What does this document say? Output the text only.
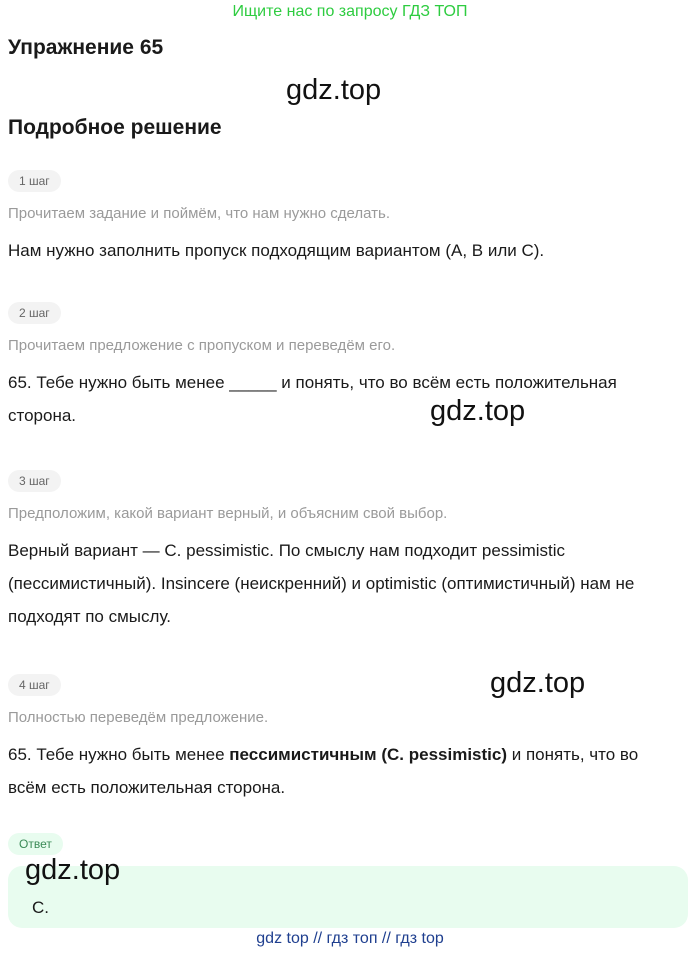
Ищите нас по запросу ГДЗ ТОП
Упражнение 65
gdz.top
Подробное решение
1 шаг
Прочитаем задание и поймём, что нам нужно сделать.
Нам нужно заполнить пропуск подходящим вариантом (A, B или C).
2 шаг
Прочитаем предложение с пропуском и переведём его.
65. Тебе нужно быть менее _____ и понять, что во всём есть положительная сторона.	gdz.top
3 шаг
Предположим, какой вариант верный, и объясним свой выбор.
Верный вариант — C. pessimistic. По смыслу нам подходит pessimistic (пессимистичный). Insincere (неискренний) и optimistic (оптимистичный) нам не подходят по смыслу.
gdz.top
4 шаг
Полностью переведём предложение.
65. Тебе нужно быть менее пессимистичным (C. pessimistic) и понять, что во всём есть положительная сторона.
Ответ
gdz.top
C.
gdz top // гдз топ // гдз top
